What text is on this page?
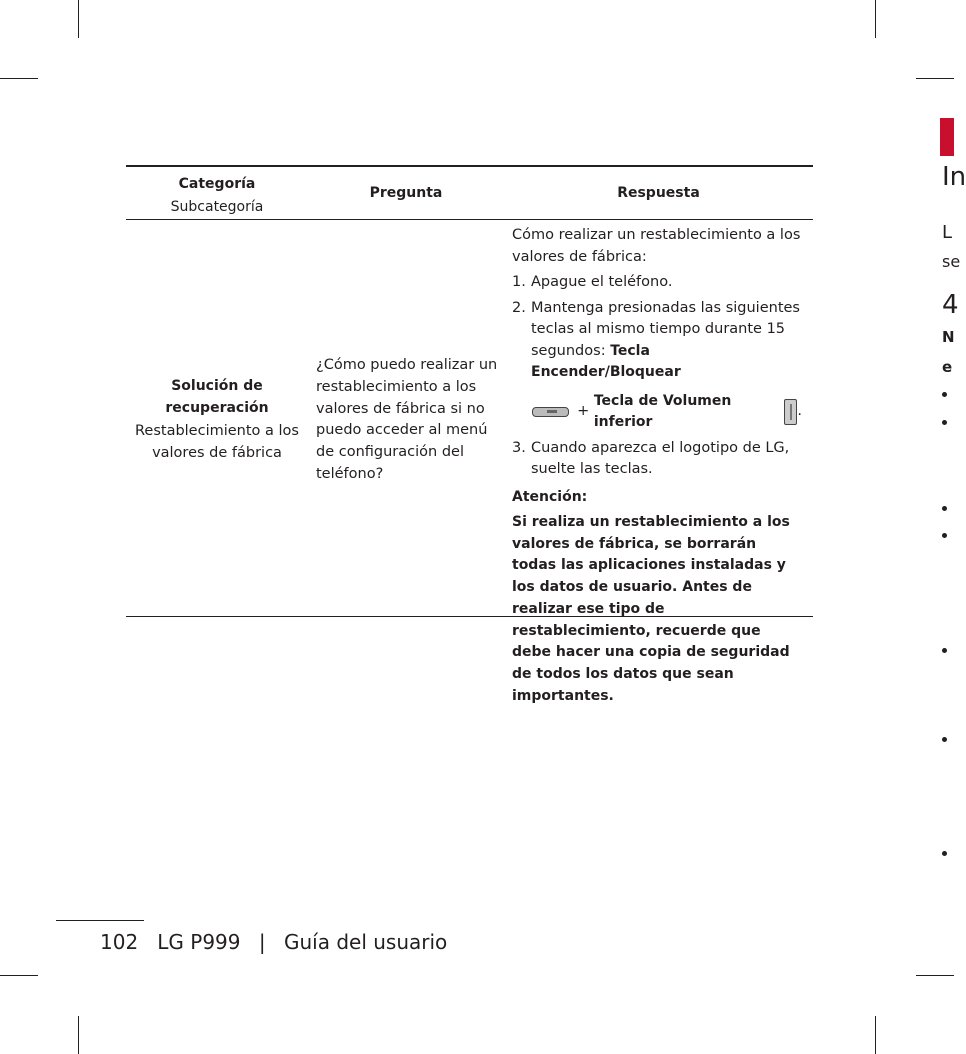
Categoría
Subcategoría
Pregunta	Respuesta
Solución de recuperación
Restablecimiento a los valores de fábrica
¿Cómo puedo realizar un restablecimiento a los valores de fábrica si no puedo acceder al menú de configuración del teléfono?

Cómo realizar un restablecimiento a los valores de fábrica:

1. Apague el teléfono.
2. Mantenga presionadas las siguientes teclas al mismo tiempo durante 15 segundos: Tecla Encender/Bloquear
+

Tecla de Volumen inferior
.
3. Cuando aparezca el logotipo de LG, suelte las teclas.
Atención:
Si realiza un restablecimiento a los valores de fábrica, se borrarán todas las aplicaciones instaladas y los datos de usuario. Antes de realizar ese tipo de restablecimiento, recuerde que debe hacer una copia de seguridad de todos los datos que sean importantes.
102 LG P999 | Guía del usuario
In
L
se
4
N
e
